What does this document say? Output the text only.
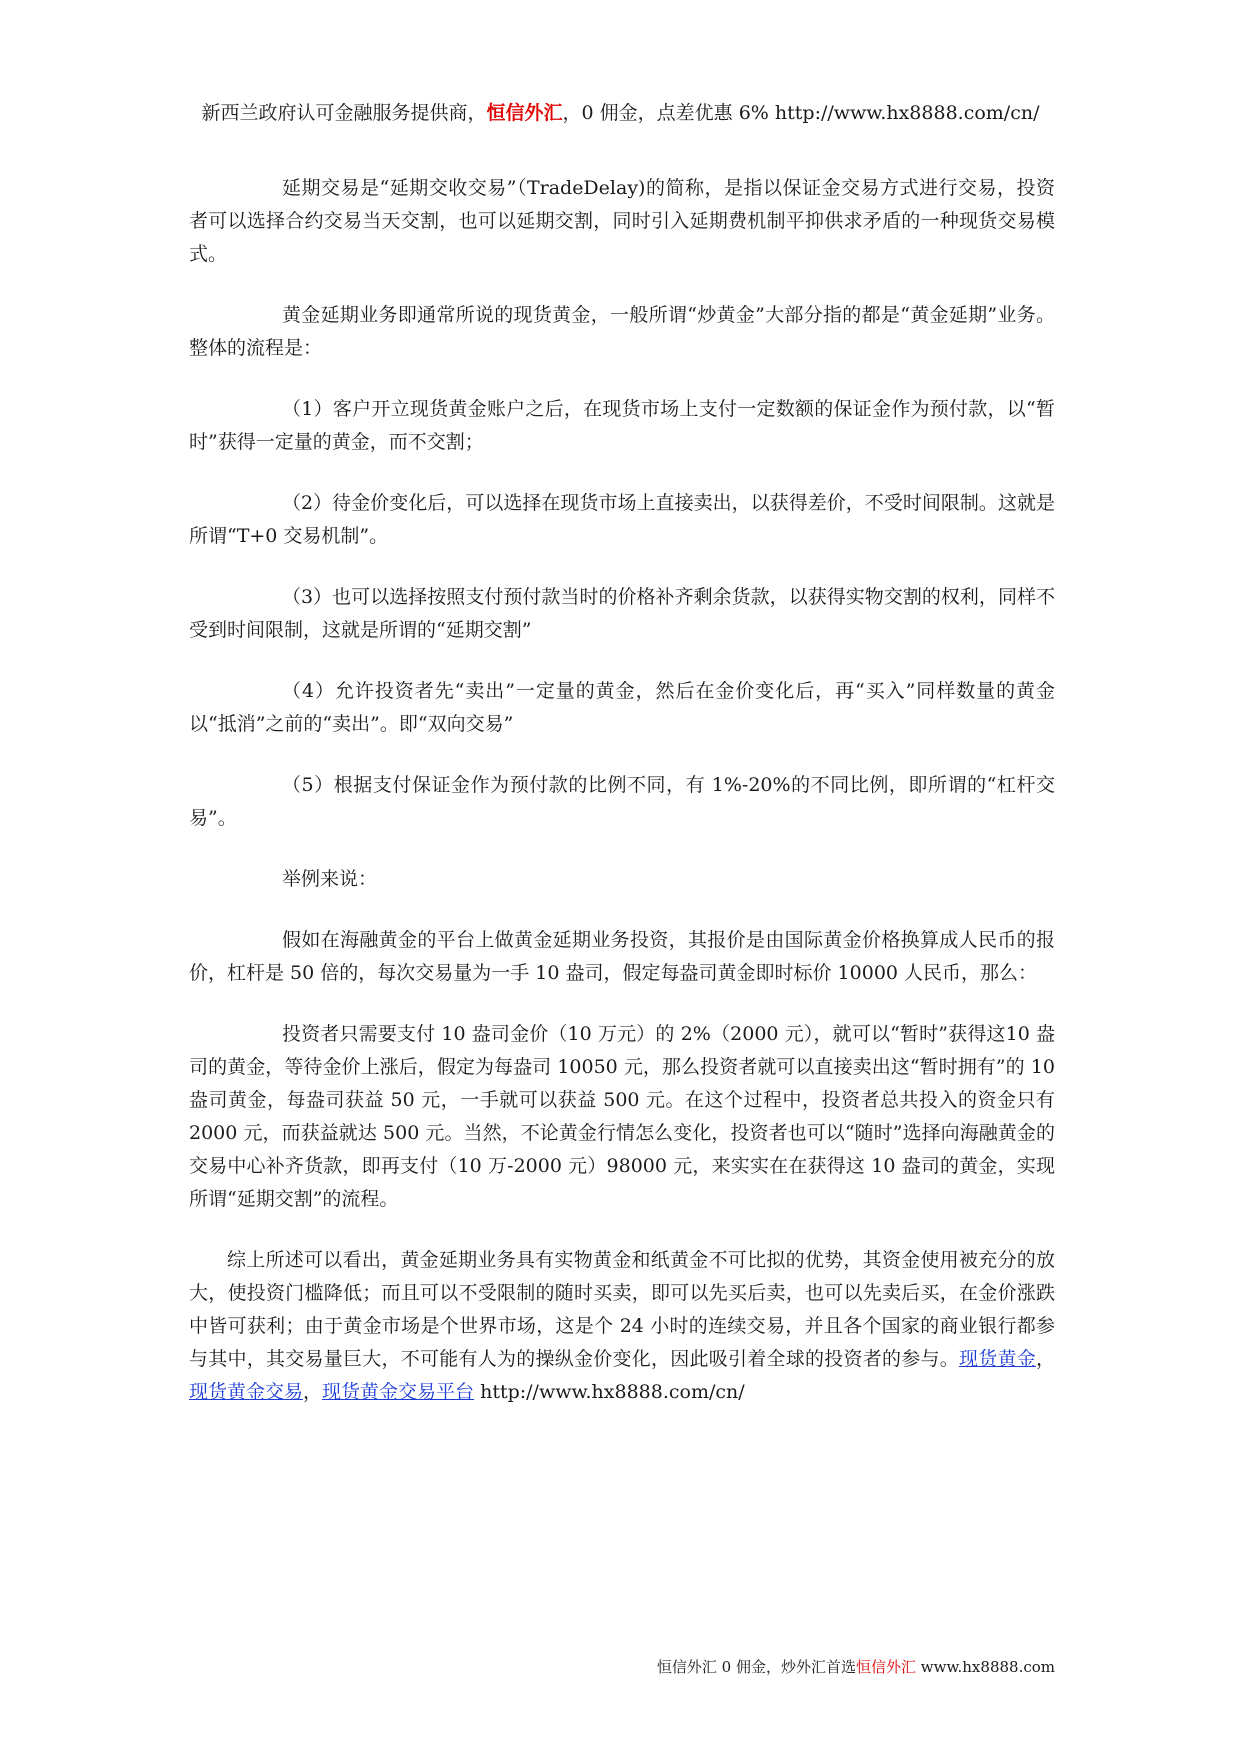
新西兰政府认可金融服务提供商，恒信外汇，0 佣金，点差优惠 6% http://www.hx8888.com/cn/

延期交易是“延期交收交易”（TradeDelay)的简称，是指以保证金交易方式进行交易，投资者可以选择合约交易当天交割，也可以延期交割，同时引入延期费机制平抑供求矛盾的一种现货交易模式。

黄金延期业务即通常所说的现货黄金，一般所谓“炒黄金”大部分指的都是“黄金延期”业务。整体的流程是：

（1）客户开立现货黄金账户之后，在现货市场上支付一定数额的保证金作为预付款，以“暂时”获得一定量的黄金，而不交割；

（2）待金价变化后，可以选择在现货市场上直接卖出，以获得差价，不受时间限制。这就是所谓“T+0 交易机制”。

（3）也可以选择按照支付预付款当时的价格补齐剩余货款，以获得实物交割的权利，同样不受到时间限制，这就是所谓的“延期交割”

（4）允许投资者先“卖出”一定量的黄金，然后在金价变化后，再“买入”同样数量的黄金以“抵消”之前的“卖出”。即“双向交易”

（5）根据支付保证金作为预付款的比例不同，有 1%-20%的不同比例，即所谓的“杠杆交易”。

举例来说：

假如在海融黄金的平台上做黄金延期业务投资，其报价是由国际黄金价格换算成人民币的报价，杠杆是 50 倍的，每次交易量为一手 10 盎司，假定每盎司黄金即时标价 10000 人民币，那么：

投资者只需要支付 10 盎司金价（10 万元）的 2%（2000 元），就可以“暂时”获得这10 盎司的黄金，等待金价上涨后，假定为每盎司 10050 元，那么投资者就可以直接卖出这“暂时拥有”的 10 盎司黄金，每盎司获益 50 元，一手就可以获益 500 元。在这个过程中，投资者总共投入的资金只有 2000 元，而获益就达 500 元。当然，不论黄金行情怎么变化，投资者也可以“随时”选择向海融黄金的交易中心补齐货款，即再支付（10 万-2000 元）98000 元，来实实在在获得这 10 盎司的黄金，实现所谓“延期交割”的流程。

综上所述可以看出，黄金延期业务具有实物黄金和纸黄金不可比拟的优势，其资金使用被充分的放大，使投资门槛降低；而且可以不受限制的随时买卖，即可以先买后卖，也可以先卖后买，在金价涨跌中皆可获利；由于黄金市场是个世界市场，这是个 24 小时的连续交易，并且各个国家的商业银行都参与其中，其交易量巨大，不可能有人为的操纵金价变化，因此吸引着全球的投资者的参与。现货黄金，现货黄金交易，现货黄金交易平台 http://www.hx8888.com/cn/

恒信外汇 0 佣金，炒外汇首选恒信外汇 www.hx8888.com
